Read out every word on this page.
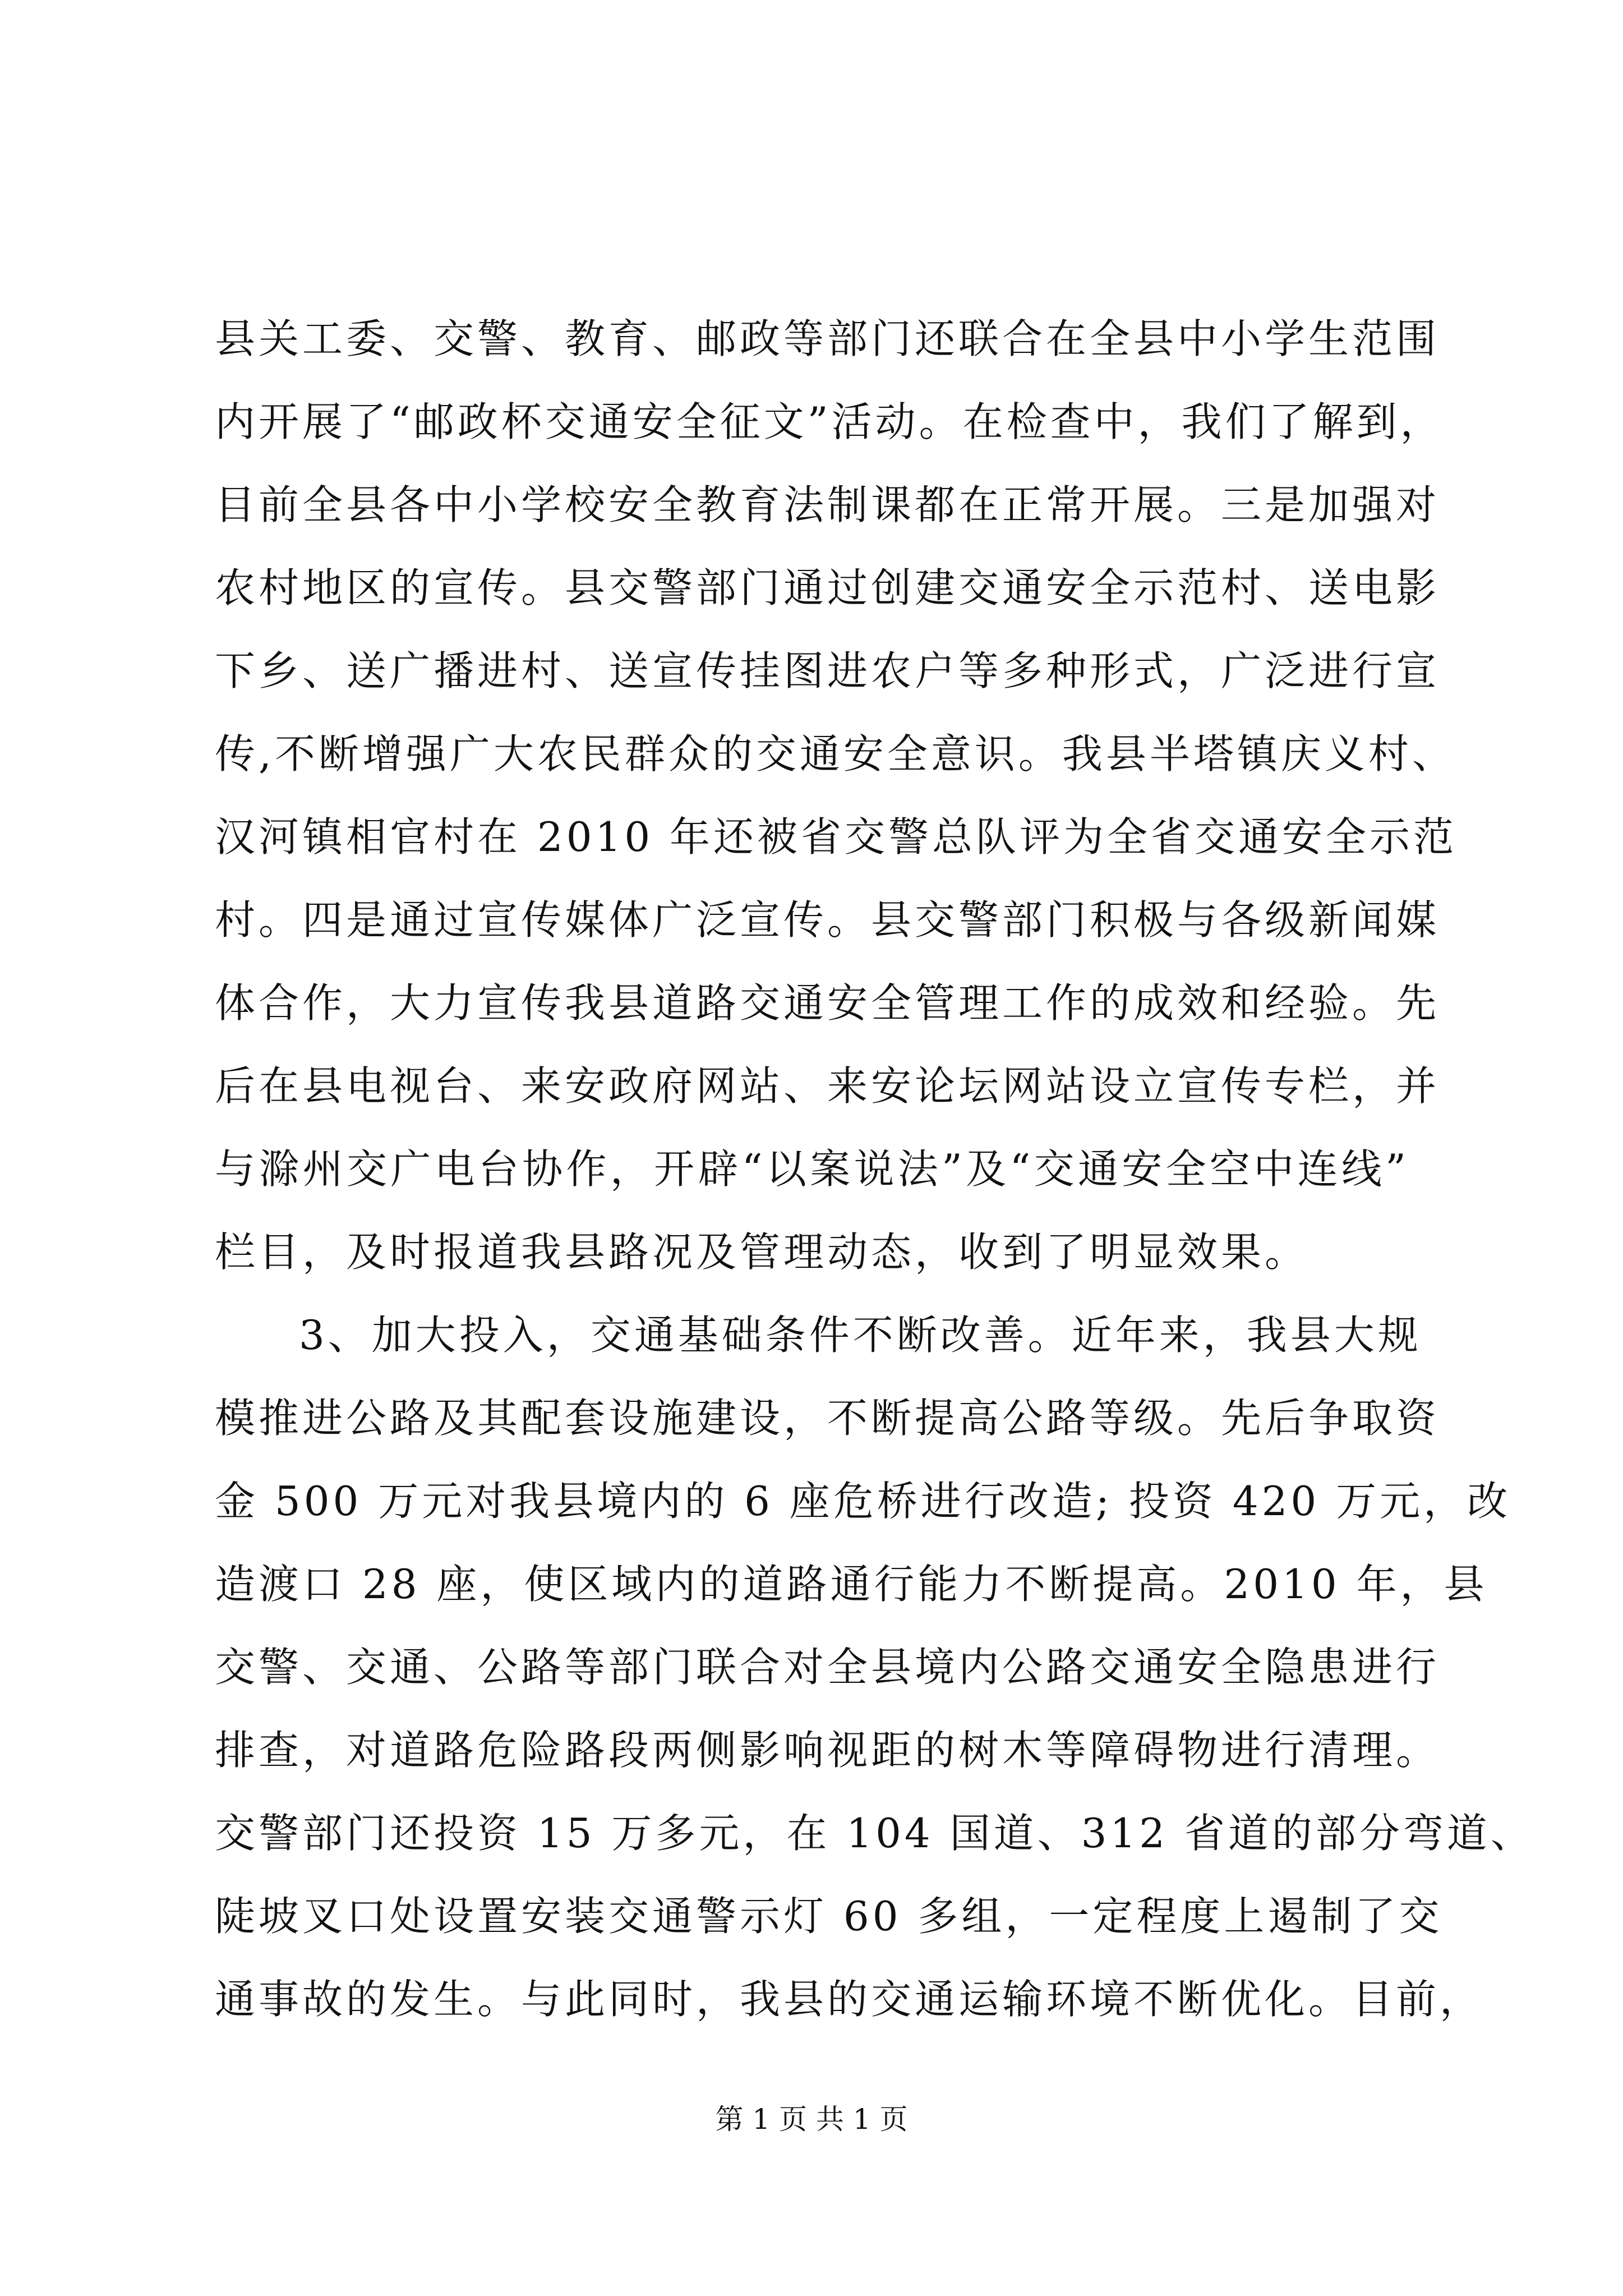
县关工委、交警、教育、邮政等部门还联合在全县中小学生范围
内开展了“邮政杯交通安全征文”活动。在检查中，我们了解到，
目前全县各中小学校安全教育法制课都在正常开展。三是加强对
农村地区的宣传。县交警部门通过创建交通安全示范村、送电影
下乡、送广播进村、送宣传挂图进农户等多种形式，广泛进行宣
传,不断增强广大农民群众的交通安全意识。我县半塔镇庆义村、
汉河镇相官村在 2010 年还被省交警总队评为全省交通安全示范
村。四是通过宣传媒体广泛宣传。县交警部门积极与各级新闻媒
体合作，大力宣传我县道路交通安全管理工作的成效和经验。先
后在县电视台、来安政府网站、来安论坛网站设立宣传专栏，并
与滁州交广电台协作，开辟“以案说法”及“交通安全空中连线”
栏目，及时报道我县路况及管理动态，收到了明显效果。
3、加大投入，交通基础条件不断改善。近年来，我县大规
模推进公路及其配套设施建设，不断提高公路等级。先后争取资
金 500 万元对我县境内的 6 座危桥进行改造; 投资 420 万元，改
造渡口 28 座，使区域内的道路通行能力不断提高。2010 年，县
交警、交通、公路等部门联合对全县境内公路交通安全隐患进行
排查，对道路危险路段两侧影响视距的树木等障碍物进行清理。
交警部门还投资 15 万多元，在 104 国道、312 省道的部分弯道、
陡坡叉口处设置安装交通警示灯 60 多组，一定程度上遏制了交
通事故的发生。与此同时，我县的交通运输环境不断优化。目前，
第 1 页 共 1 页
